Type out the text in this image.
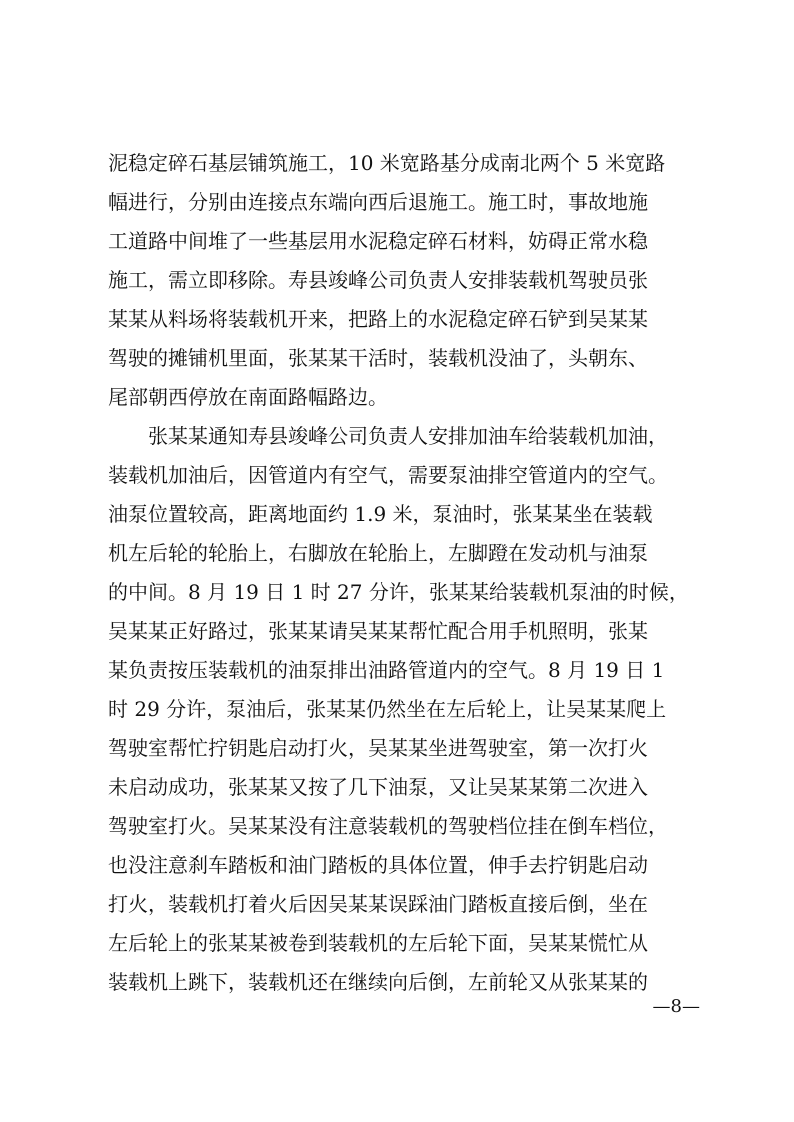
泥稳定碎石基层铺筑施工，10 米宽路基分成南北两个 5 米宽路
幅进行，分别由连接点东端向西后退施工。施工时，事故地施
工道路中间堆了一些基层用水泥稳定碎石材料，妨碍正常水稳
施工，需立即移除。寿县竣峰公司负责人安排装载机驾驶员张
某某从料场将装载机开来，把路上的水泥稳定碎石铲到吴某某
驾驶的摊铺机里面，张某某干活时，装载机没油了，头朝东、
尾部朝西停放在南面路幅路边。
　　张某某通知寿县竣峰公司负责人安排加油车给装载机加油，
装载机加油后，因管道内有空气，需要泵油排空管道内的空气。
油泵位置较高，距离地面约 1.9 米，泵油时，张某某坐在装载
机左后轮的轮胎上，右脚放在轮胎上，左脚蹬在发动机与油泵
的中间。8 月 19 日 1 时 27 分许，张某某给装载机泵油的时候，
吴某某正好路过，张某某请吴某某帮忙配合用手机照明，张某
某负责按压装载机的油泵排出油路管道内的空气。8 月 19 日 1
时 29 分许，泵油后，张某某仍然坐在左后轮上，让吴某某爬上
驾驶室帮忙拧钥匙启动打火，吴某某坐进驾驶室，第一次打火
未启动成功，张某某又按了几下油泵，又让吴某某第二次进入
驾驶室打火。吴某某没有注意装载机的驾驶档位挂在倒车档位，
也没注意刹车踏板和油门踏板的具体位置，伸手去拧钥匙启动
打火，装载机打着火后因吴某某误踩油门踏板直接后倒，坐在
左后轮上的张某某被卷到装载机的左后轮下面，吴某某慌忙从
装载机上跳下，装载机还在继续向后倒，左前轮又从张某某的
—8—
